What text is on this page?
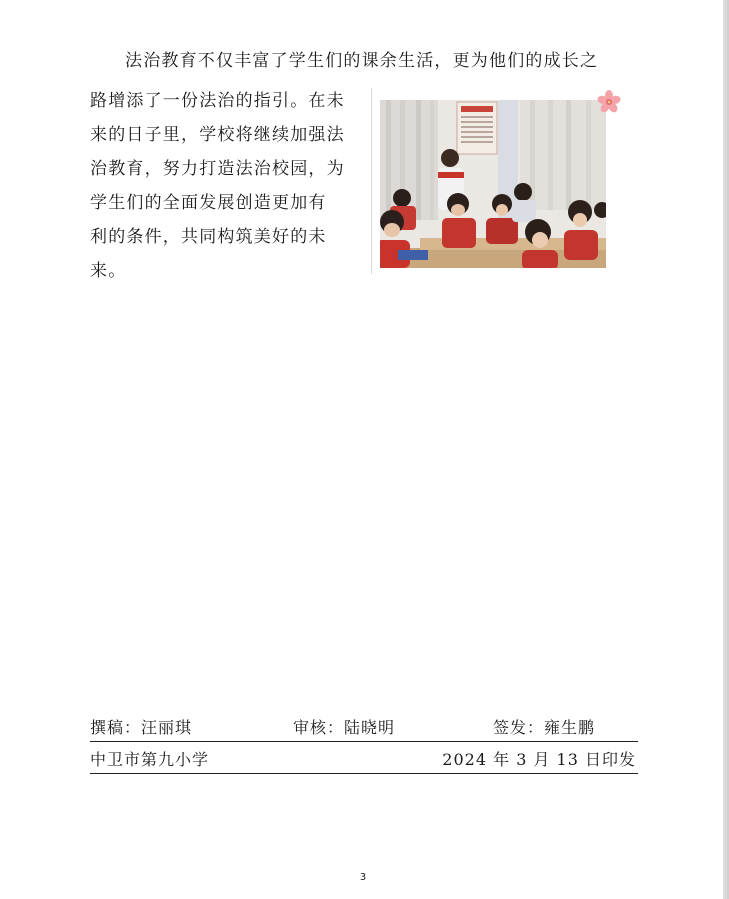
法治教育不仅丰富了学生们的课余生活，更为他们的成长之

路增添了一份法治的指引。在未
来的日子里，学校将继续加强法
治教育，努力打造法治校园，为
学生们的全面发展创造更加有
利的条件，共同构筑美好的未
来。

撰稿：汪丽琪	审核：陆晓明	签发：雍生鹏
中卫市第九小学	2024 年 3 月 13 日印发
3
